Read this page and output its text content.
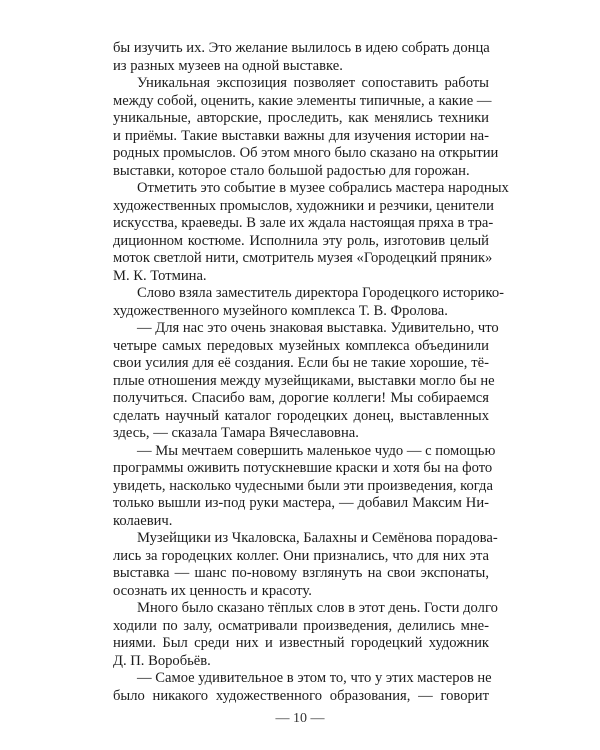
бы изучить их. Это желание вылилось в идею собрать донца
из разных музеев на одной выставке.
Уникальная экспозиция позволяет сопоставить работы
между собой, оценить, какие элементы типичные, а какие —
уникальные, авторские, проследить, как менялись техники
и приёмы. Такие выставки важны для изучения истории на-
родных промыслов. Об этом много было сказано на открытии
выставки, которое стало большой радостью для горожан.
Отметить это событие в музее собрались мастера народных
художественных промыслов, художники и резчики, ценители
искусства, краеведы. В зале их ждала настоящая пряха в тра-
диционном костюме. Исполнила эту роль, изготовив целый
моток светлой нити, смотритель музея «Городецкий пряник»
М. К. Тотмина.
Слово взяла заместитель директора Городецкого историко-
художественного музейного комплекса Т. В. Фролова.
— Для нас это очень знаковая выставка. Удивительно, что
четыре самых передовых музейных комплекса объединили
свои усилия для её создания. Если бы не такие хорошие, тё-
плые отношения между музейщиками, выставки могло бы не
получиться. Спасибо вам, дорогие коллеги! Мы собираемся
сделать научный каталог городецких донец, выставленных
здесь, — сказала Тамара Вячеславовна.
— Мы мечтаем совершить маленькое чудо — с помощью
программы оживить потускневшие краски и хотя бы на фото
увидеть, насколько чудесными были эти произведения, когда
только вышли из-под руки мастера, — добавил Максим Ни-
колаевич.
Музейщики из Чкаловска, Балахны и Семёнова порадова-
лись за городецких коллег. Они признались, что для них эта
выставка — шанс по-новому взглянуть на свои экспонаты,
осознать их ценность и красоту.
Много было сказано тёплых слов в этот день. Гости долго
ходили по залу, осматривали произведения, делились мне-
ниями. Был среди них и известный городецкий художник
Д. П. Воробьёв.
— Самое удивительное в этом то, что у этих мастеров не
было никакого художественного образования, — говорит
— 10 —
